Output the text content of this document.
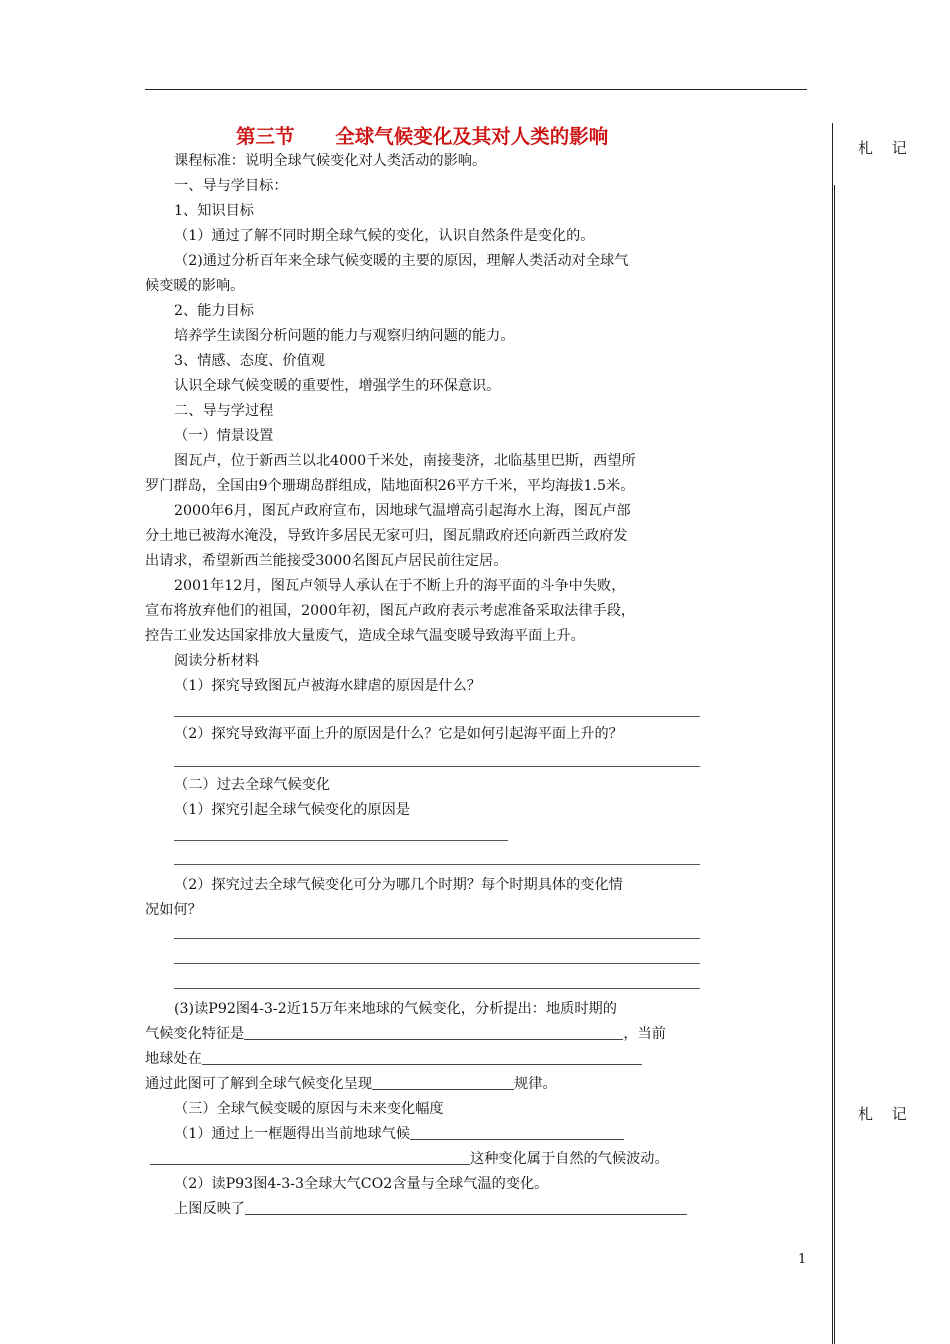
札 记
札 记
第三节      全球气候变化及其对人类的影响
课程标准：说明全球气候变化对人类活动的影响。
一、导与学目标：
1、知识目标
（1）通过了解不同时期全球气候的变化，认识自然条件是变化的。
（2)通过分析百年来全球气候变暖的主要的原因，理解人类活动对全球气
候变暖的影响。
2、能力目标
培养学生读图分析问题的能力与观察归纳问题的能力。
3、情感、态度、价值观
认识全球气候变暖的重要性，增强学生的环保意识。
二、导与学过程
（一）情景设置
图瓦卢，位于新西兰以北4000千米处，南接斐济，北临基里巴斯，西望所
罗门群岛，全国由9个珊瑚岛群组成，陆地面积26平方千米，平均海拔1.5米。
2000年6月，图瓦卢政府宣布，因地球气温增高引起海水上海，图瓦卢部
分土地已被海水淹没，导致许多居民无家可归，图瓦鼎政府还向新西兰政府发
出请求，希望新西兰能接受3000名图瓦卢居民前往定居。
2001年12月，图瓦卢领导人承认在于不断上升的海平面的斗争中失败，
宣布将放弃他们的祖国，2000年初，图瓦卢政府表示考虑准备采取法律手段，
控告工业发达国家排放大量废气，造成全球气温变暖导致海平面上升。
阅读分析材料
（1）探究导致图瓦卢被海水肆虐的原因是什么？
（2）探究导致海平面上升的原因是什么？它是如何引起海平面上升的？
（二）过去全球气候变化
（1）探究引起全球气候变化的原因是
（2）探究过去全球气候变化可分为哪几个时期？每个时期具体的变化情
况如何？
(3)读P92图4-3-2近15万年来地球的气候变化，分析提出：地质时期的
气候变化特征是	，当前
地球处在
通过此图可了解到全球气候变化呈现	规律。
（三）全球气候变暖的原因与未来变化幅度
（1）通过上一框题得出当前地球气候
这种变化属于自然的气候波动。
（2）读P93图4-3-3全球大气CO2含量与全球气温的变化。
上图反映了
1
